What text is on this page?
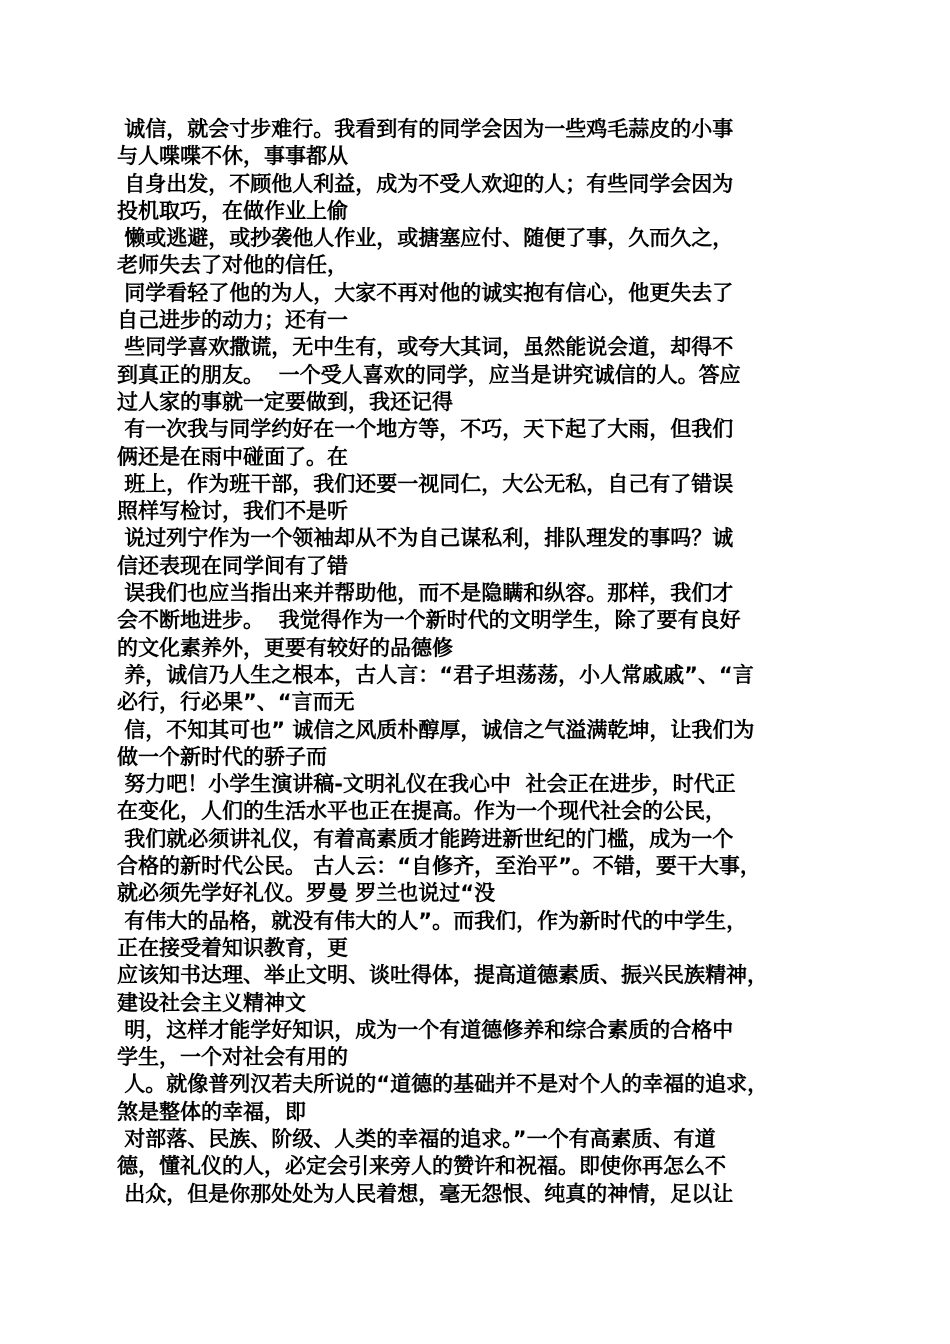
诚信，就会寸步难行。我看到有的同学会因为一些鸡毛蒜皮的小事
与人喋喋不休，事事都从
自身出发，不顾他人利益，成为不受人欢迎的人；有些同学会因为
投机取巧，在做作业上偷
懒或逃避，或抄袭他人作业，或搪塞应付、随便了事，久而久之，
老师失去了对他的信任，
同学看轻了他的为人，大家不再对他的诚实抱有信心，他更失去了
自己进步的动力；还有一
些同学喜欢撒谎，无中生有，或夸大其词，虽然能说会道，却得不
到真正的朋友。  一个受人喜欢的同学，应当是讲究诚信的人。答应
过人家的事就一定要做到，我还记得
有一次我与同学约好在一个地方等，不巧，天下起了大雨，但我们
俩还是在雨中碰面了。在
班上，作为班干部，我们还要一视同仁，大公无私，自己有了错误
照样写检讨，我们不是听
说过列宁作为一个领袖却从不为自己谋私利，排队理发的事吗？诚
信还表现在同学间有了错
误我们也应当指出来并帮助他，而不是隐瞒和纵容。那样，我们才
会不断地进步。  我觉得作为一个新时代的文明学生，除了要有良好
的文化素养外，更要有较好的品德修
养，诚信乃人生之根本，古人言：“君子坦荡荡，小人常戚戚”、“言
必行，行必果”、“言而无
信，不知其可也” 诚信之风质朴醇厚，诚信之气溢满乾坤，让我们为
做一个新时代的骄子而
努力吧！小学生演讲稿-文明礼仪在我心中  社会正在进步，时代正
在变化，人们的生活水平也正在提高。作为一个现代社会的公民，
我们就必须讲礼仪，有着高素质才能跨进新世纪的门槛，成为一个
合格的新时代公民。 古人云：“自修齐，至治平”。不错，要干大事，
就必须先学好礼仪。罗曼 罗兰也说过“没
有伟大的品格，就没有伟大的人”。而我们，作为新时代的中学生，
正在接受着知识教育，更
应该知书达理、举止文明、谈吐得体，提高道德素质、振兴民族精神，
建设社会主义精神文
明，这样才能学好知识，成为一个有道德修养和综合素质的合格中
学生，一个对社会有用的
人。就像普列汉若夫所说的“道德的基础并不是对个人的幸福的追求，
煞是整体的幸福，即
对部落、民族、阶级、人类的幸福的追求。”一个有高素质、有道
德，懂礼仪的人，必定会引来旁人的赞许和祝福。即使你再怎么不
出众，但是你那处处为人民着想，毫无怨恨、纯真的神情，足以让
